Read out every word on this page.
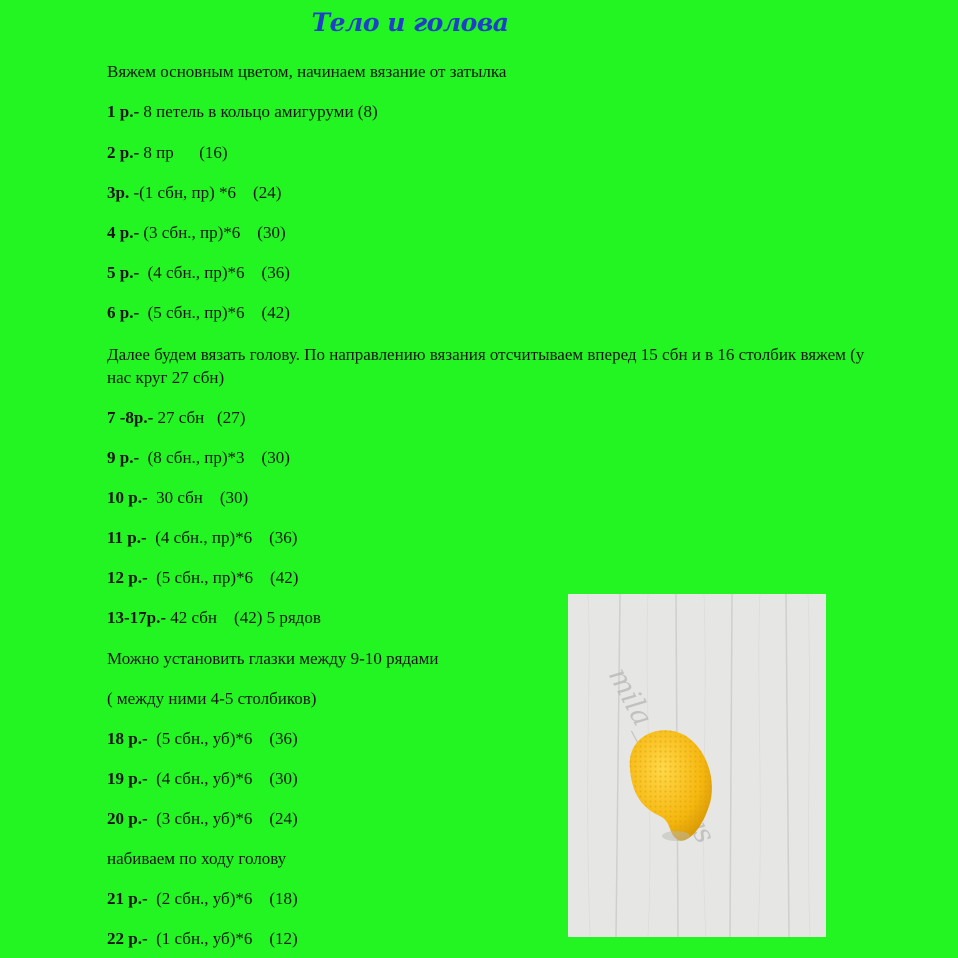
Тело и голова
Вяжем основным цветом, начинаем вязание от затылка
1 р.- 8 петель в кольцо амигуруми (8)
2 р.- 8 пр      (16)
3р. -(1 сбн, пр) *6    (24)
4 р.- (3 сбн., пр)*6    (30)
5 р.-  (4 сбн., пр)*6    (36)
6 р.-  (5 сбн., пр)*6    (42)
Далее будем вязать голову. По направлению вязания отсчитываем вперед 15 сбн и в 16 столбик вяжем (у нас круг 27 сбн)
7 -8р.- 27 сбн   (27)
9 р.-  (8 сбн., пр)*3    (30)
10 р.-  30 сбн    (30)
11 р.-  (4 сбн., пр)*6    (36)
12 р.-  (5 сбн., пр)*6    (42)
13-17р.- 42 сбн    (42) 5 рядов
Можно установить глазки между 9-10 рядами
( между ними 4-5 столбиков)
18 р.-  (5 сбн., уб)*6    (36)
19 р.-  (4 сбн., уб)*6    (30)
20 р.-  (3 сбн., уб)*6    (24)
набиваем по ходу голову
21 р.-  (2 сбн., уб)*6    (18)
22 р.-  (1 сбн., уб)*6    (12)
